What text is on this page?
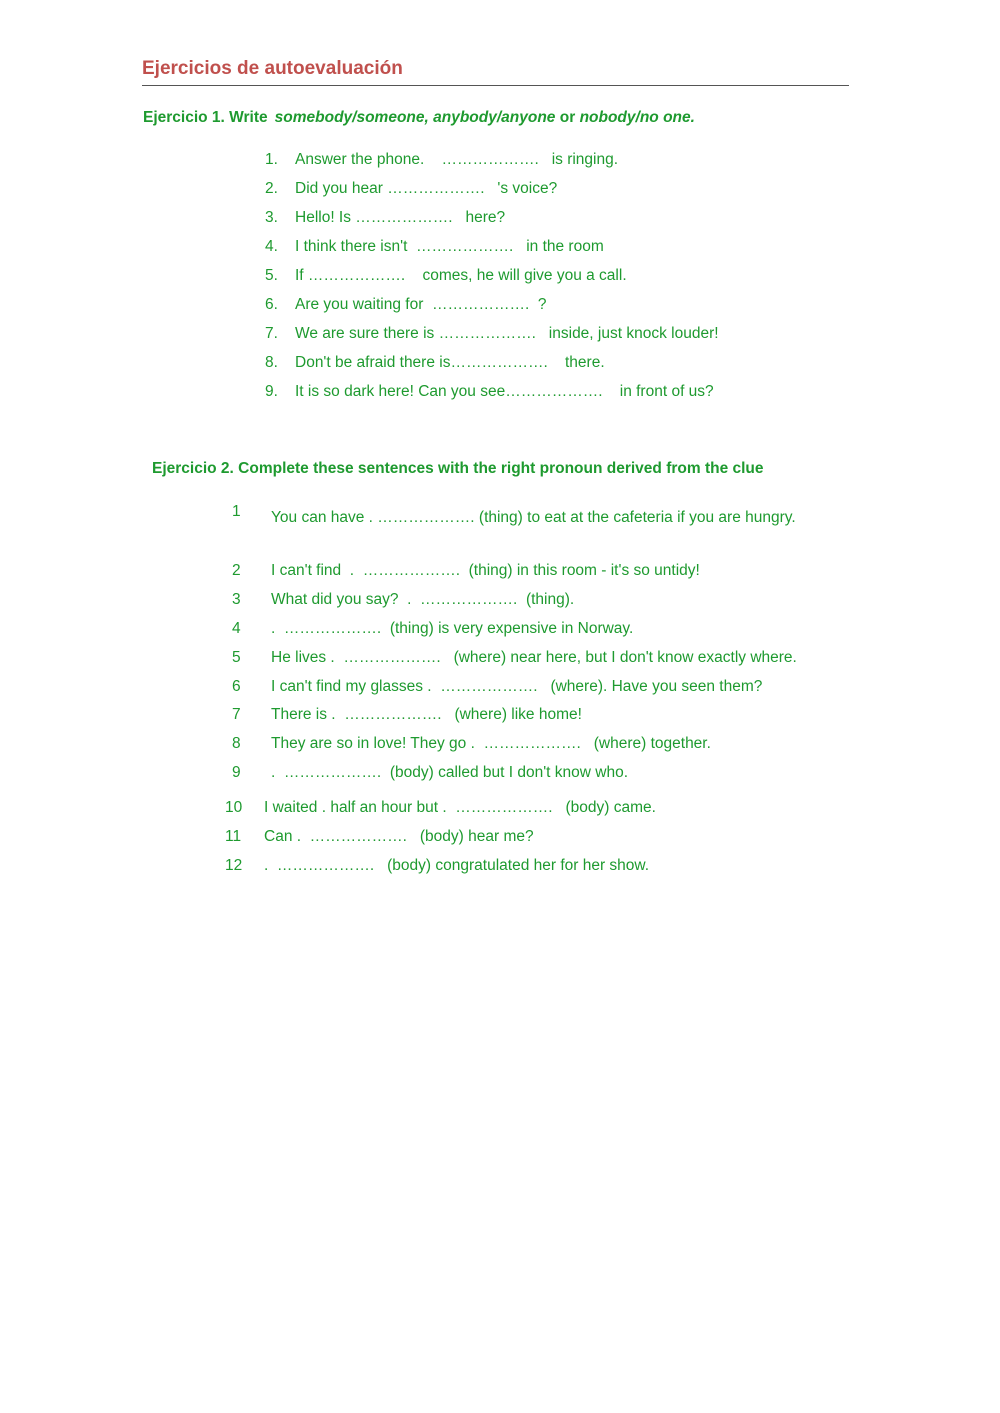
Ejercicios de autoevaluación
Ejercicio 1. Write somebody/someone, anybody/anyone or nobody/no one.
1. Answer the phone.    ……………….   is ringing.
2. Did you hear ……………….   's voice?
3. Hello! Is ……………….   here?
4. I think there isn't  ……………….   in the room
5. If ……………….    comes, he will give you a call.
6. Are you waiting for  ……………….  ?
7. We are sure there is ……………….   inside, just knock louder!
8. Don't be afraid there is……………….    there.
9. It is so dark here! Can you see……………….    in front of us?
Ejercicio 2. Complete these sentences with the right pronoun derived from the clue
1 You can have . ………………. (thing) to eat at the cafeteria if you are hungry.
2 I can't find  .  ……………….  (thing) in this room - it's so untidy!
3 What did you say?  .  ……………….  (thing).
4 .  ……………….  (thing) is very expensive in Norway.
5 He lives .  ……………….   (where) near here, but I don't know exactly where.
6 I can't find my glasses .  ……………….   (where). Have you seen them?
7 There is .  ……………….   (where) like home!
8 They are so in love! They go .  ……………….   (where) together.
9 .  ……………….  (body) called but I don't know who.
10 I waited . half an hour but .  ……………….   (body) came.
11 Can .  ……………….   (body) hear me?
12 .  ……………….   (body) congratulated her for her show.
